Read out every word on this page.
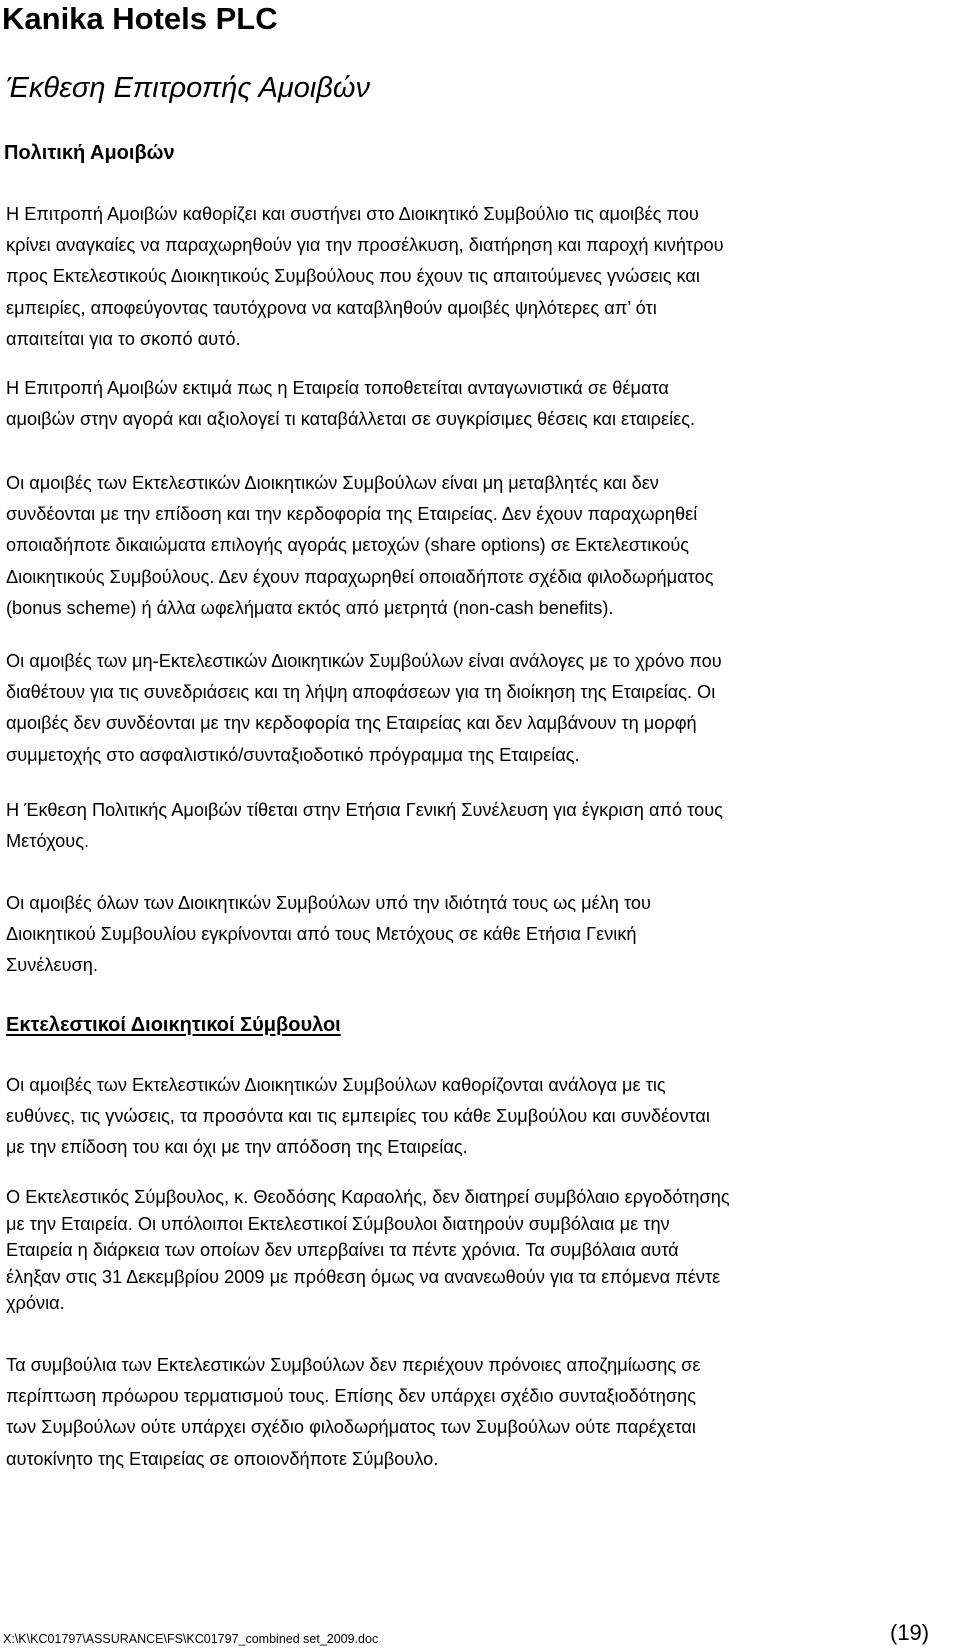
Kanika Hotels PLC
Έκθεση Επιτροπής Αμοιβών
Πολιτική Αμοιβών
Η Επιτροπή Αμοιβών καθορίζει και συστήνει στο Διοικητικό Συμβούλιο τις αμοιβές που
κρίνει αναγκαίες να παραχωρηθούν για την προσέλκυση, διατήρηση και παροχή κινήτρου
προς Εκτελεστικούς Διοικητικούς Συμβούλους που έχουν τις απαιτούμενες γνώσεις και
εμπειρίες, αποφεύγοντας ταυτόχρονα να καταβληθούν αμοιβές ψηλότερες απ’ ότι
απαιτείται για το σκοπό αυτό.
Η Επιτροπή Αμοιβών εκτιμά πως η Εταιρεία τοποθετείται ανταγωνιστικά σε θέματα
αμοιβών στην αγορά και αξιολογεί τι καταβάλλεται σε συγκρίσιμες θέσεις και εταιρείες.
Οι αμοιβές των Εκτελεστικών Διοικητικών Συμβούλων είναι μη μεταβλητές και δεν
συνδέονται με την επίδοση και την κερδοφορία της Εταιρείας. Δεν έχουν παραχωρηθεί
οποιαδήποτε δικαιώματα επιλογής αγοράς μετοχών (share options) σε Εκτελεστικούς
Διοικητικούς Συμβούλους. Δεν έχουν παραχωρηθεί οποιαδήποτε σχέδια φιλοδωρήματος
(bonus scheme) ή άλλα ωφελήματα εκτός από μετρητά (non-cash benefits).
Οι αμοιβές των μη-Εκτελεστικών Διοικητικών Συμβούλων είναι ανάλογες με το χρόνο που
διαθέτουν για τις συνεδριάσεις και τη λήψη αποφάσεων για τη διοίκηση της Εταιρείας. Οι
αμοιβές δεν συνδέονται με την κερδοφορία της Εταιρείας και δεν λαμβάνουν τη μορφή
συμμετοχής στο ασφαλιστικό/συνταξιοδοτικό πρόγραμμα της Εταιρείας.
Η Έκθεση Πολιτικής Αμοιβών τίθεται στην Ετήσια Γενική Συνέλευση για έγκριση από τους
Μετόχους.
Οι αμοιβές όλων των Διοικητικών Συμβούλων υπό την ιδιότητά τους ως μέλη του
Διοικητικού Συμβουλίου εγκρίνονται από τους Μετόχους σε κάθε Ετήσια Γενική
Συνέλευση.
Εκτελεστικοί Διοικητικοί Σύμβουλοι
Οι αμοιβές των Εκτελεστικών Διοικητικών Συμβούλων καθορίζονται ανάλογα με τις
ευθύνες, τις γνώσεις, τα προσόντα και τις εμπειρίες του κάθε Συμβούλου και συνδέονται
με την επίδοση του και όχι με την απόδοση της Εταιρείας.
Ο Εκτελεστικός Σύμβουλος, κ. Θεοδόσης Καραολής, δεν διατηρεί συμβόλαιο εργοδότησης
με την Εταιρεία. Οι υπόλοιποι Εκτελεστικοί Σύμβουλοι διατηρούν συμβόλαια με την
Εταιρεία η διάρκεια των οποίων δεν υπερβαίνει τα πέντε χρόνια. Τα συμβόλαια αυτά
έληξαν στις 31 Δεκεμβρίου 2009 με πρόθεση όμως να ανανεωθούν για τα επόμενα πέντε
χρόνια.
Τα συμβούλια των Εκτελεστικών Συμβούλων δεν περιέχουν πρόνοιες αποζημίωσης σε
περίπτωση πρόωρου τερματισμού τους. Επίσης δεν υπάρχει σχέδιο συνταξιοδότησης
των Συμβούλων ούτε υπάρχει σχέδιο φιλοδωρήματος των Συμβούλων ούτε παρέχεται
αυτοκίνητο της Εταιρείας σε οποιονδήποτε Σύμβουλο.
X:\K\KC01797\ASSURANCE\FS\KC01797_combined set_2009.doc	(19)
